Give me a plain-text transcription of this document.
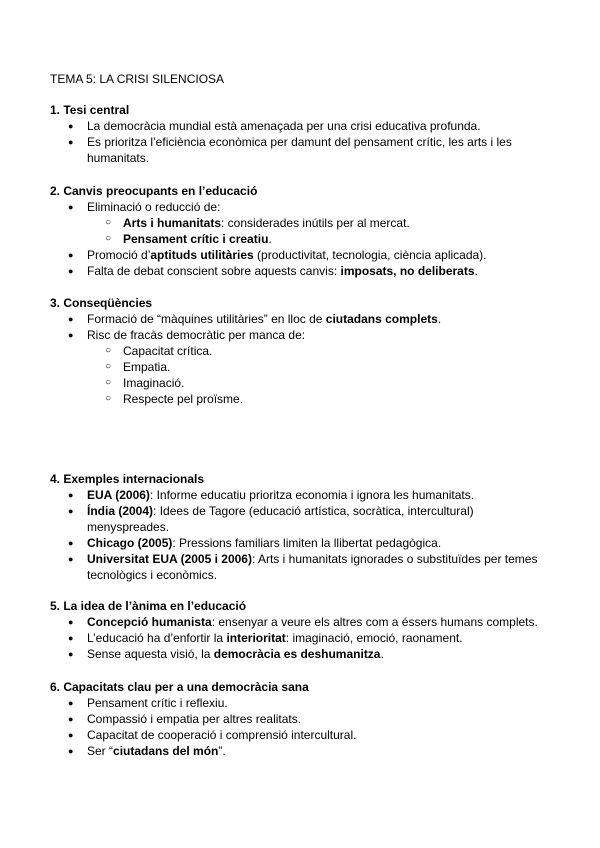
TEMA 5: LA CRISI SILENCIOSA
1. Tesi central
● La democràcia mundial està amenaçada per una crisi educativa profunda.
● Es prioritza l’eficiència econòmica per damunt del pensament crític, les arts i les humanitats.
2. Canvis preocupants en l’educació
● Eliminació o reducció de:
○ Arts i humanitats: considerades inútils per al mercat.
○ Pensament crític i creatiu.
● Promoció d’aptituds utilitàries (productivitat, tecnologia, ciència aplicada).
● Falta de debat conscient sobre aquests canvis: imposats, no deliberats.
3. Conseqüències
● Formació de “màquines utilitàries” en lloc de ciutadans complets.
● Risc de fracàs democràtic per manca de:
○ Capacitat crítica.
○ Empatia.
○ Imaginació.
○ Respecte pel proïsme.
4. Exemples internacionals
● EUA (2006): Informe educatiu prioritza economia i ignora les humanitats.
● Índia (2004): Idees de Tagore (educació artística, socràtica, intercultural) menyspreades.
● Chicago (2005): Pressions familiars limiten la llibertat pedagògica.
● Universitat EUA (2005 i 2006): Arts i humanitats ignorades o substituïdes per temes tecnològics i econòmics.
5. La idea de l’ànima en l’educació
● Concepció humanista: ensenyar a veure els altres com a éssers humans complets.
● L’educació ha d’enfortir la interioritat: imaginació, emoció, raonament.
● Sense aquesta visió, la democràcia es deshumanitza.
6. Capacitats clau per a una democràcia sana
● Pensament crític i reflexiu.
● Compassió i empatia per altres realitats.
● Capacitat de cooperació i comprensió intercultural.
● Ser “ciutadans del món”.
